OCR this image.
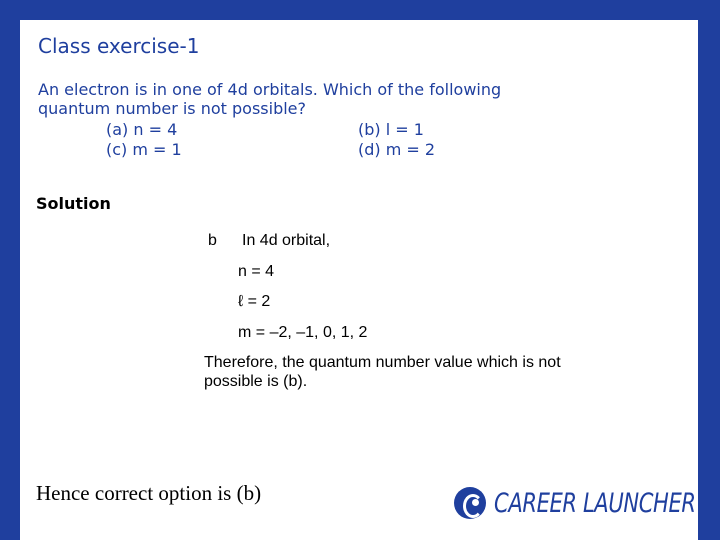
Class exercise-1
An electron is in one of 4d orbitals. Which of the following
quantum number is not possible?
(a) n = 4	(b) l = 1
(c) m = 1	(d) m = 2
Solution
b In 4d orbital,
n = 4
ℓ = 2
m = –2, –1, 0, 1, 2
Therefore, the quantum number value which is not
possible is (b).
Hence correct option is (b)	CAREER LAUNCHER
